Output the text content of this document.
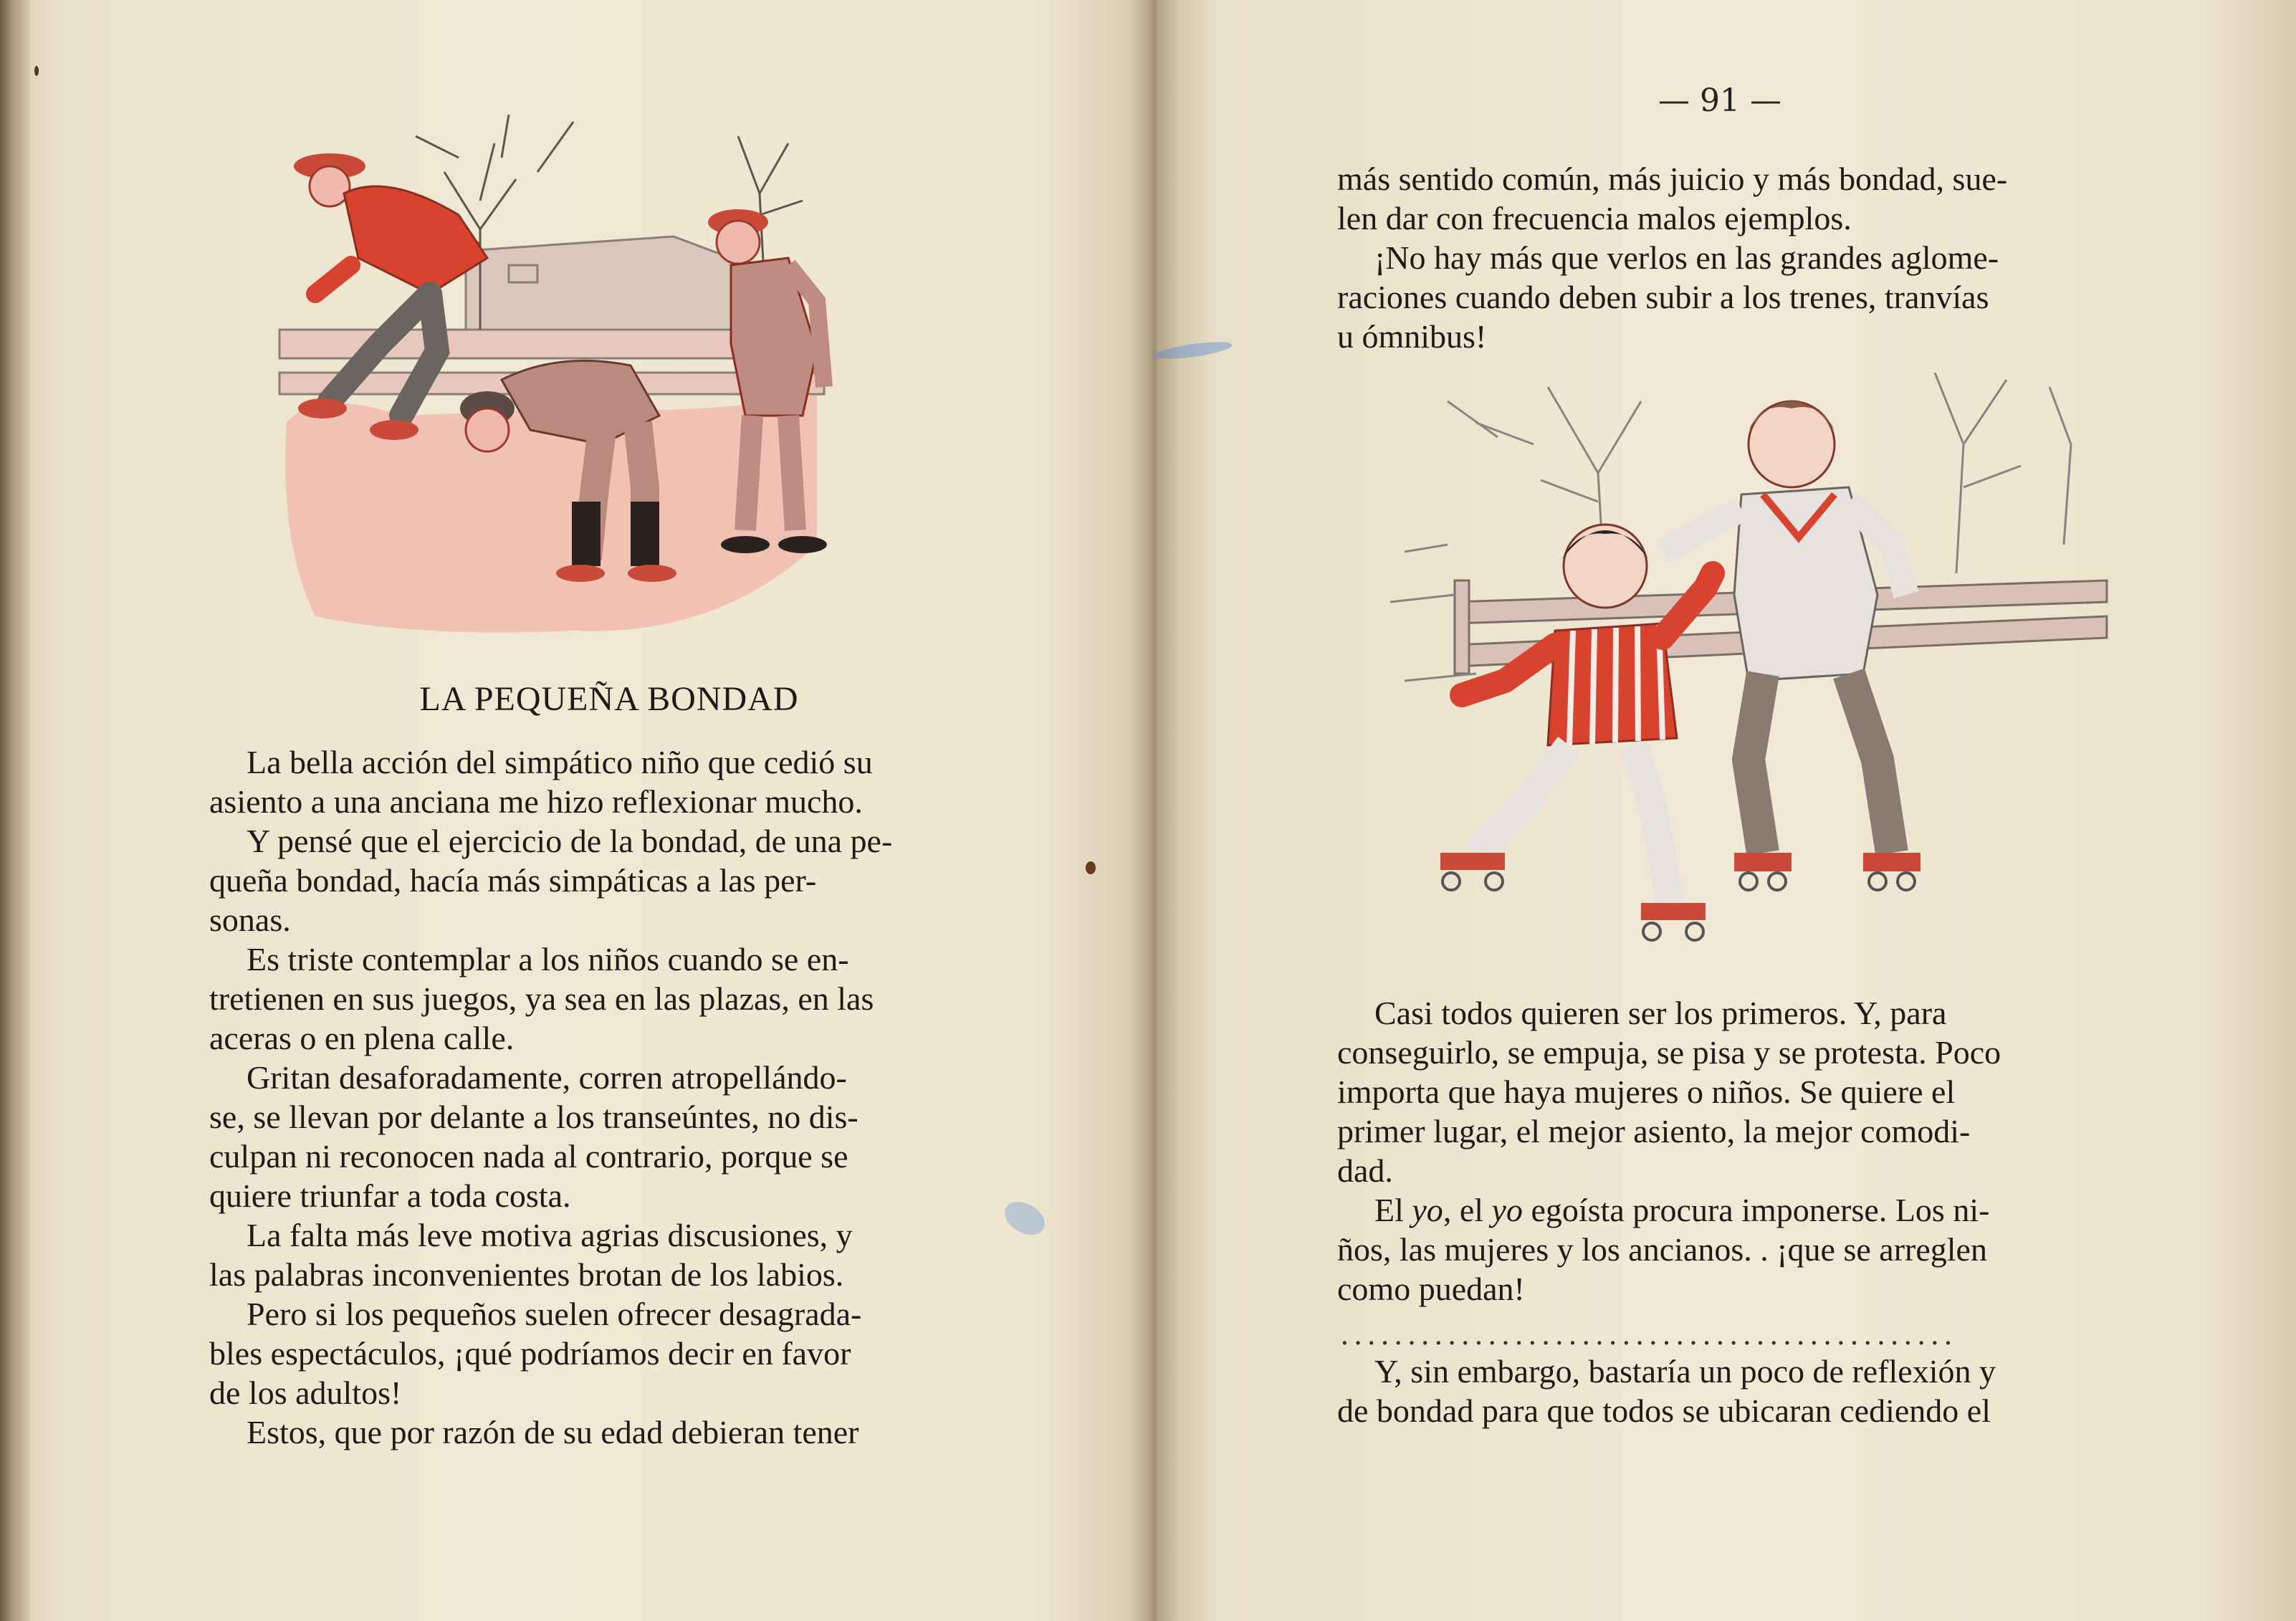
LA PEQUEÑA BONDAD
La bella acción del simpático niño que cedió su
asiento a una anciana me hizo reflexionar mucho.
Y pensé que el ejercicio de la bondad, de una pe-
queña bondad, hacía más simpáticas a las per-
sonas.
Es triste contemplar a los niños cuando se en-
tretienen en sus juegos, ya sea en las plazas, en las
aceras o en plena calle.
Gritan desaforadamente, corren atropellándo-
se, se llevan por delante a los transeúntes, no dis-
culpan ni reconocen nada al contrario, porque se
quiere triunfar a toda costa.
La falta más leve motiva agrias discusiones, y
las palabras inconvenientes brotan de los labios.
Pero si los pequeños suelen ofrecer desagrada-
bles espectáculos, ¡qué podríamos decir en favor
de los adultos!
Estos, que por razón de su edad debieran tener
— 91 —
más sentido común, más juicio y más bondad, sue-
len dar con frecuencia malos ejemplos.
¡No hay más que verlos en las grandes aglome-
raciones cuando deben subir a los trenes, tranvías
u ómnibus!
Casi todos quieren ser los primeros. Y, para
conseguirlo, se empuja, se pisa y se protesta. Poco
importa que haya mujeres o niños. Se quiere el
primer lugar, el mejor asiento, la mejor comodi-
dad.
El yo, el yo egoísta procura imponerse. Los ni-
ños, las mujeres y los ancianos. . ¡que se arreglen
como puedan!
..............................................
Y, sin embargo, bastaría un poco de reflexión y
de bondad para que todos se ubicaran cediendo el
